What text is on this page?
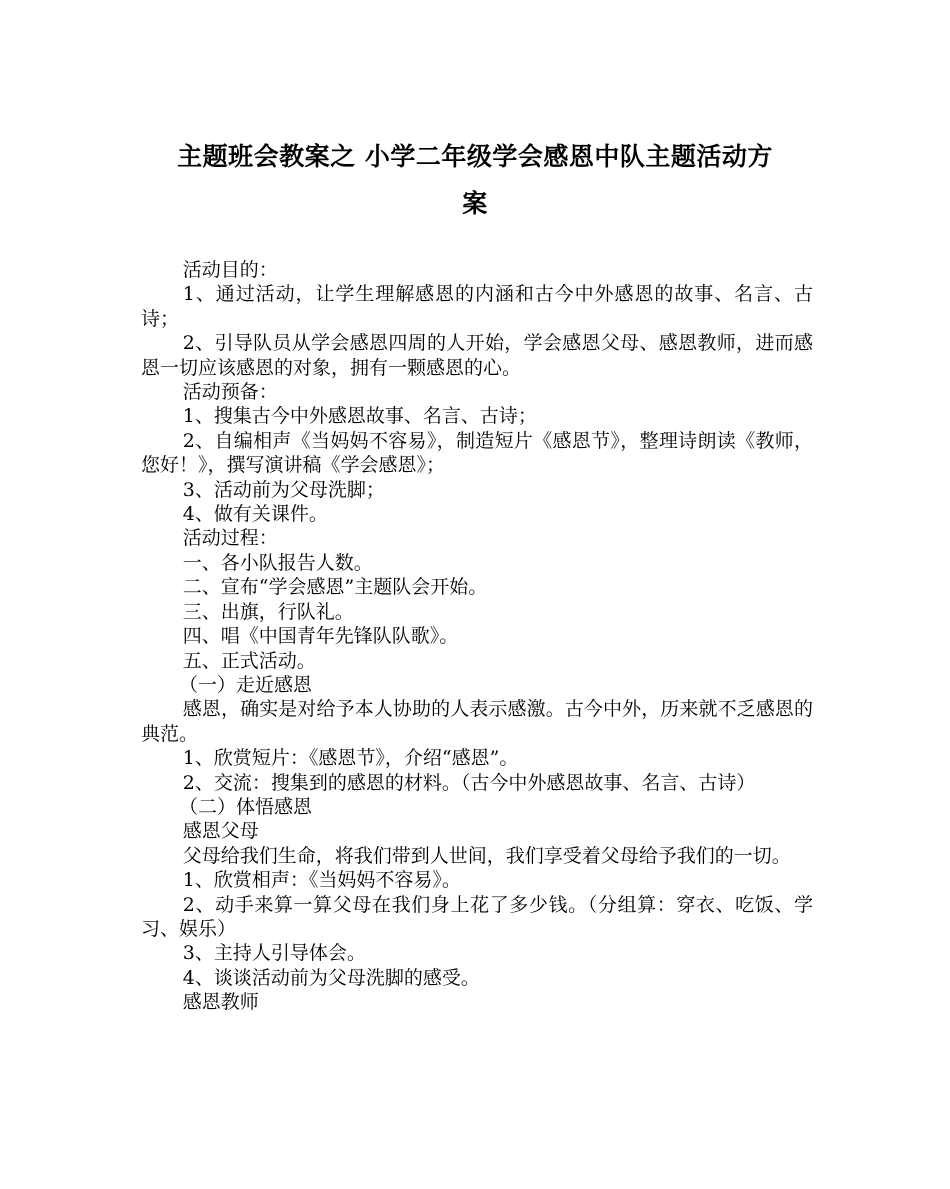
主题班会教案之 小学二年级学会感恩中队主题活动方
案

活动目的：

1、通过活动，让学生理解感恩的内涵和古今中外感恩的故事、名言、古诗；

2、引导队员从学会感恩四周的人开始，学会感恩父母、感恩教师，进而感恩一切应该感恩的对象，拥有一颗感恩的心。

活动预备：

1、搜集古今中外感恩故事、名言、古诗；

2、自编相声《当妈妈不容易》，制造短片《感恩节》，整理诗朗读《教师，您好！》，撰写演讲稿《学会感恩》；

3、活动前为父母洗脚；

4、做有关课件。

活动过程：

一、各小队报告人数。

二、宣布“学会感恩”主题队会开始。

三、出旗，行队礼。

四、唱《中国青年先锋队队歌》。

五、正式活动。

（一）走近感恩

感恩，确实是对给予本人协助的人表示感激。古今中外，历来就不乏感恩的典范。

1、欣赏短片：《感恩节》，介绍“感恩”。

2、交流：搜集到的感恩的材料。（古今中外感恩故事、名言、古诗）

（二）体悟感恩

感恩父母

父母给我们生命，将我们带到人世间，我们享受着父母给予我们的一切。

1、欣赏相声：《当妈妈不容易》。

2、动手来算一算父母在我们身上花了多少钱。（分组算：穿衣、吃饭、学习、娱乐）

3、主持人引导体会。

4、谈谈活动前为父母洗脚的感受。

感恩教师
